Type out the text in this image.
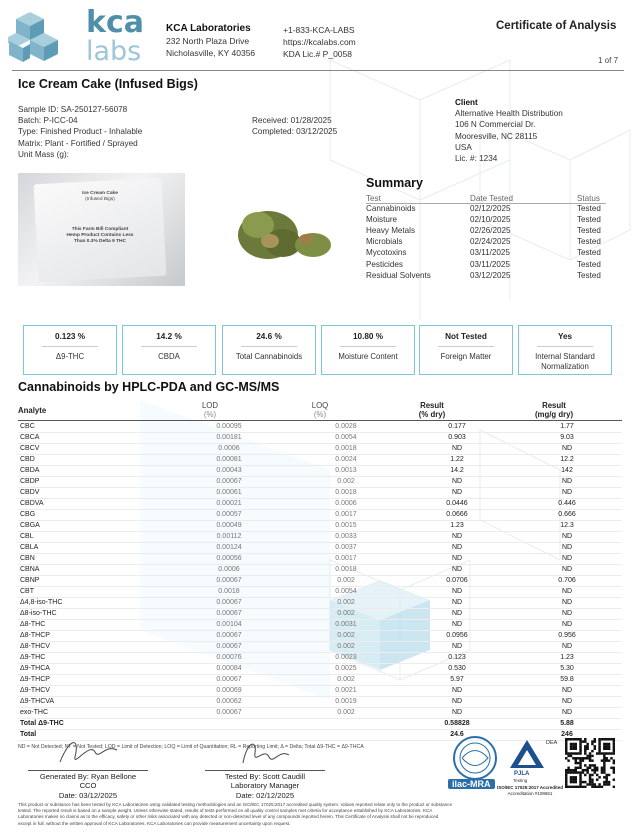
kca
labs
KCA Laboratories
232 North Plaza Drive
Nicholasville, KY 40356
+1-833-KCA-LABS
https://kcalabs.com
KDA Lic.# P_0058
Certificate of Analysis
1 of 7
Ice Cream Cake (Infused Bigs)
Sample ID: SA-250127-56078
Batch: P-ICC-04
Type: Finished Product - Inhalable
Matrix: Plant - Fortified / Sprayed
Unit Mass (g):
Received: 01/28/2025
Completed: 03/12/2025
Client
Alternative Health Distribution
106 N Commercial Dr.
Mooresville, NC 28115
USA
Lic. #: 1234
Ice Cream Cake
(Infused Bigs)
This Farm Bill Compliant
Hemp Product Contains Less
Than 0.3% Delta 9 THC
Summary
Test	Date Tested	Status
Cannabinoids	02/12/2025	Tested
Moisture	02/10/2025	Tested
Heavy Metals	02/26/2025	Tested
Microbials	02/24/2025	Tested
Mycotoxins	03/11/2025	Tested
Pesticides	03/11/2025	Tested
Residual Solvents	03/12/2025	Tested
0.123 %
Δ9-THC
14.2 %
CBDA
24.6 %
Total Cannabinoids
10.80 %
Moisture Content
Not Tested
Foreign Matter
Yes
Internal Standard Normalization
Cannabinoids by HPLC-PDA and GC-MS/MS
Analyte
LOD
(%)
LOQ
(%)
Result
(% dry)
Result
(mg/g dry)
CBC	0.00095	0.0028	0.177	1.77
CBCA	0.00181	0.0054	0.903	9.03
CBCV	0.0006	0.0018	ND	ND
CBD	0.00081	0.0024	1.22	12.2
CBDA	0.00043	0.0013	14.2	142
CBDP	0.00067	0.002	ND	ND
CBDV	0.00061	0.0018	ND	ND
CBDVA	0.00021	0.0006	0.0446	0.446
CBG	0.00057	0.0017	0.0666	0.666
CBGA	0.00049	0.0015	1.23	12.3
CBL	0.00112	0.0033	ND	ND
CBLA	0.00124	0.0037	ND	ND
CBN	0.00056	0.0017	ND	ND
CBNA	0.0006	0.0018	ND	ND
CBNP	0.00067	0.002	0.0706	0.706
CBT	0.0018	0.0054	ND	ND
Δ4,8-iso-THC	0.00067	0.002	ND	ND
Δ8-iso-THC	0.00067	0.002	ND	ND
Δ8-THC	0.00104	0.0031	ND	ND
Δ8-THCP	0.00067	0.002	0.0956	0.956
Δ8-THCV	0.00067	0.002	ND	ND
Δ9-THC	0.00076	0.0023	0.123	1.23
Δ9-THCA	0.00084	0.0025	0.530	5.30
Δ9-THCP	0.00067	0.002	5.97	59.8
Δ9-THCV	0.00069	0.0021	ND	ND
Δ9-THCVA	0.00062	0.0019	ND	ND
exo-THC	0.00067	0.002	ND	ND
Total Δ9-THC			0.58828	5.88
Total			24.6	246
ND = Not Detected; NT = Not Tested; LOD = Limit of Detection; LOQ = Limit of Quantitation; RL = Reporting Limit; Δ = Delta; Total Δ9-THC = Δ9-THCA
Generated By: Ryan Bellone
CCO
Date: 03/12/2025
Tested By: Scott Caudill
Laboratory Manager
Date: 02/12/2025
ilac-MRA
PJLA
Testing
ISO/IEC 17025:2017 Accredited
Accreditation #108651
DEA
This product or substance has been tested by KCA Laboratories using validated testing methodologies and an ISO/IEC 17025:2017 accredited quality system. Values reported relate only to the product or substance
tested. The reported result is based on a sample weight. Unless otherwise stated, results of tests performed on all quality control samples met criteria for acceptance established by KCA Laboratories. KCA
Laboratories makes no claims as to the efficacy, safety or other risks associated with any detected or non-detected level of any compounds reported herein. This Certificate of Analysis shall not be reproduced
except in full, without the written approval of KCA Laboratories. KCA Laboratories can provide measurement uncertainty upon request.
